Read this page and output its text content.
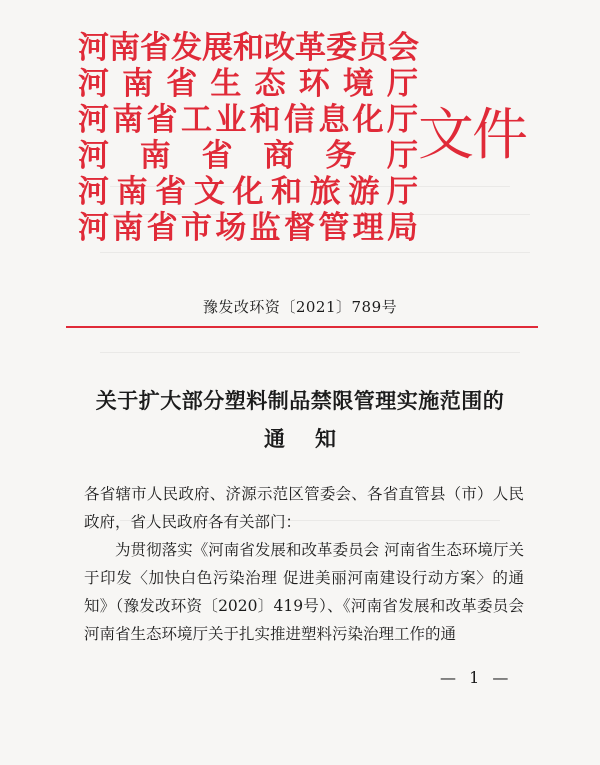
河南省发展和改革委员会
河南省生态环境厅
河南省工业和信息化厅
河南省商务厅
河南省文化和旅游厅
河南省市场监督管理局
文件
豫发改环资〔2021〕789号
关于扩大部分塑料制品禁限管理实施范围的
通知

各省辖市人民政府、济源示范区管委会、各省直管县（市）人民政府，省人民政府各有关部门：

为贯彻落实《河南省发展和改革委员会 河南省生态环境厅关于印发〈加快白色污染治理 促进美丽河南建设行动方案〉的通知》（豫发改环资〔2020〕419号）、《河南省发展和改革委员会 河南省生态环境厅关于扎实推进塑料污染治理工作的通

— 1 —
